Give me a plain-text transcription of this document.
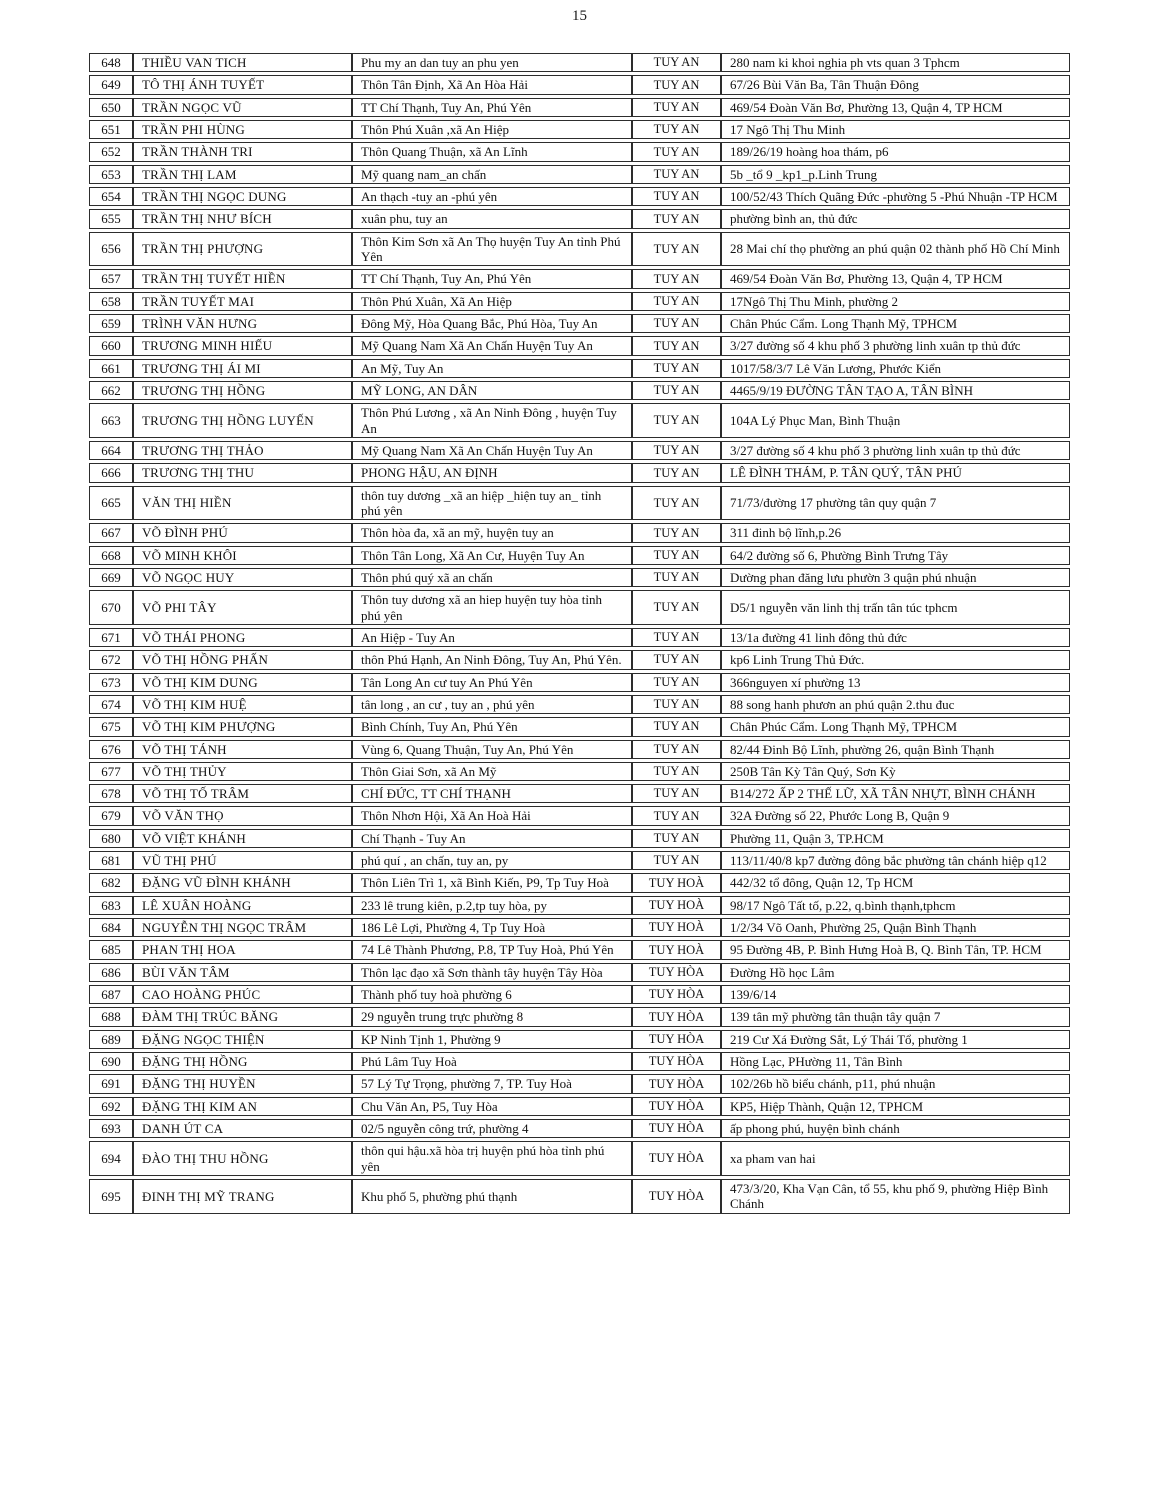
15
648	THIỀU VAN TICH	Phu my an dan tuy an phu yen	TUY AN	280 nam ki khoi nghia ph vts quan 3 Tphcm
649	TÔ THỊ ÁNH TUYẾT	Thôn Tân Định, Xã An Hòa Hải	TUY AN	67/26 Bùi Văn Ba, Tân Thuận Đông
650	TRẦN NGỌC VŨ	TT Chí Thạnh, Tuy An, Phú Yên	TUY AN	469/54 Đoàn Văn Bơ, Phường 13, Quận 4, TP HCM
651	TRẦN PHI HÙNG	Thôn Phú Xuân ,xã An Hiệp	TUY AN	17 Ngô Thị Thu Minh
652	TRẦN THÀNH TRI	Thôn Quang Thuận, xã An Lĩnh	TUY AN	189/26/19 hoàng hoa thám, p6
653	TRẦN THỊ LAM	Mỹ quang nam_an chấn	TUY AN	5b _tổ 9 _kp1_p.Linh Trung
654	TRẦN THỊ NGỌC DUNG	An thạch -tuy an -phú yên	TUY AN	100/52/43 Thích Quãng Đức -phường 5 -Phú Nhuận -TP HCM
655	TRẦN THỊ NHƯ BÍCH	xuân phu, tuy an	TUY AN	phường bình an, thủ đức
656	TRẦN THỊ PHƯỢNG	Thôn Kim Sơn xã An Thọ huyện Tuy An tỉnh Phú Yên	TUY AN	28 Mai chí thọ phường an phú quận 02 thành phố Hồ Chí Minh
657	TRẦN THỊ TUYẾT HIỀN	TT Chí Thạnh, Tuy An, Phú Yên	TUY AN	469/54 Đoàn Văn Bơ, Phường 13, Quận 4, TP HCM
658	TRẦN TUYẾT MAI	Thôn Phú Xuân, Xã An Hiệp	TUY AN	17Ngô Thị Thu Minh, phường 2
659	TRÌNH VĂN HƯNG	Đông Mỹ, Hòa Quang Bắc, Phú Hòa, Tuy An	TUY AN	Chân Phúc Cẩm. Long Thạnh Mỹ, TPHCM
660	TRƯƠNG MINH HIẾU	Mỹ Quang Nam Xã An Chấn Huyện Tuy An	TUY AN	3/27 đường số 4 khu phố 3 phường linh xuân tp thủ đức
661	TRƯƠNG THỊ ÁI MI	An Mỹ, Tuy An	TUY AN	1017/58/3/7 Lê Văn Lương, Phước Kiển
662	TRƯƠNG THỊ HỒNG	MỸ LONG, AN DÂN	TUY AN	4465/9/19 ĐƯỜNG TÂN TẠO A, TÂN BÌNH
663	TRƯƠNG THỊ HỒNG LUYẾN	Thôn Phú Lương , xã An Ninh Đông , huyện Tuy An	TUY AN	104A Lý Phục Man, Bình Thuận
664	TRƯƠNG THỊ THẢO	Mỹ Quang Nam Xã An Chấn Huyện Tuy An	TUY AN	3/27 đường số 4 khu phố 3 phường linh xuân tp thủ đức
666	TRƯƠNG THỊ THU	PHONG HẬU, AN ĐỊNH	TUY AN	LÊ ĐÌNH THÁM, P. TÂN QUÝ, TÂN PHÚ
665	VĂN THỊ HIỀN	thôn tuy dương _xã an hiệp _hiện tuy an_ tỉnh phú yên	TUY AN	71/73/đường 17 phường tân quy quận 7
667	VÕ ĐÌNH PHÚ	Thôn hòa đa, xã an mỹ, huyện tuy an	TUY AN	311 đinh bộ lĩnh,p.26
668	VÕ MINH KHÔI	Thôn Tân Long, Xã An Cư, Huyện Tuy An	TUY AN	64/2 đường số 6, Phường Bình Trưng Tây
669	VÕ NGỌC HUY	Thôn phú quý xã an chấn	TUY AN	Dường phan đăng lưu phườn 3 quận phú nhuận
670	VÕ PHI TÂY	Thôn tuy dương xã an hiep huyện tuy hòa tỉnh phú yên	TUY AN	D5/1 nguyễn văn linh thị trấn tân túc tphcm
671	VÕ THÁI PHONG	An Hiệp - Tuy An	TUY AN	13/1a đường 41 linh đông thủ đức
672	VÕ THỊ HỒNG PHẤN	thôn Phú Hạnh, An Ninh Đông, Tuy An, Phú Yên.	TUY AN	kp6 Linh Trung Thủ Đức.
673	VÕ THỊ KIM DUNG	Tân Long An cư tuy An Phú Yên	TUY AN	366nguyen xí phường 13
674	VÕ THỊ KIM HUỆ	tân long , an cư , tuy an , phú yên	TUY AN	88 song hanh phươn an phú quận 2.thu đuc
675	VÕ THỊ KIM PHƯỢNG	Bình Chính, Tuy An, Phú Yên	TUY AN	Chân Phúc Cẩm. Long Thạnh Mỹ, TPHCM
676	VÕ THỊ TÁNH	Vùng 6, Quang Thuận, Tuy An, Phú Yên	TUY AN	82/44 Đinh Bộ Lĩnh, phường 26, quận Bình Thạnh
677	VÕ THỊ THỦY	Thôn Giai Sơn, xã An Mỹ	TUY AN	250B Tân Kỳ Tân Quý, Sơn Kỳ
678	VÕ THỊ TỐ TRÂM	CHÍ ĐỨC, TT CHÍ THẠNH	TUY AN	B14/272 ẤP 2 THẾ LỮ, XÃ TÂN NHỰT, BÌNH CHÁNH
679	VÕ VĂN THỌ	Thôn Nhơn Hội, Xã An Hoà Hải	TUY AN	32A Đường số 22, Phước Long B, Quận 9
680	VÕ VIỆT KHÁNH	Chí Thạnh - Tuy An	TUY AN	Phường 11, Quận 3, TP.HCM
681	VŨ THỊ PHÚ	phú quí , an chấn, tuy an, py	TUY AN	113/11/40/8 kp7 đường đông bắc phường tân chánh hiệp q12
682	ĐẶNG VŨ ĐÌNH KHÁNH	Thôn Liên Trì 1, xã Bình Kiến, P9, Tp Tuy Hoà	TUY HOÀ	442/32 tổ đông, Quận 12, Tp HCM
683	LÊ XUÂN HOÀNG	233 lê trung kiên, p.2,tp tuy hòa, py	TUY HOÀ	98/17 Ngô Tất tố, p.22, q.bình thạnh,tphcm
684	NGUYỄN THỊ NGỌC TRÂM	186 Lê Lợi, Phường 4, Tp Tuy Hoà	TUY HOÀ	1/2/34 Võ Oanh, Phường 25, Quận Bình Thạnh
685	PHAN THỊ HOA	74 Lê Thành Phương, P.8, TP Tuy Hoà, Phú Yên	TUY HOÀ	95 Đường 4B, P. Bình Hưng Hoà B, Q. Bình Tân, TP. HCM
686	BÙI VĂN TÂM	Thôn lạc đạo xã Sơn thành tây huyện Tây Hòa	TUY HÒA	Đường Hồ học Lâm
687	CAO HOÀNG PHÚC	Thành phố tuy hoà phường 6	TUY HÒA	139/6/14
688	ĐÀM THỊ TRÚC BĂNG	29 nguyễn trung trực phường 8	TUY HÒA	139 tân mỹ phường tân thuận tây quận 7
689	ĐẶNG NGỌC THIỆN	KP Ninh Tịnh 1, Phường 9	TUY HÒA	219 Cư Xá Đường Sắt, Lý Thái Tổ, phường 1
690	ĐẶNG THỊ HỒNG	Phú Lâm Tuy Hoà	TUY HÒA	Hồng Lạc, PHường 11, Tân Bình
691	ĐẶNG THỊ HUYỀN	57 Lý Tự Trọng, phường 7, TP. Tuy Hoà	TUY HÒA	102/26b hồ biểu chánh, p11, phú nhuận
692	ĐẶNG THỊ KIM AN	Chu Văn An, P5, Tuy Hòa	TUY HÒA	KP5, Hiệp Thành, Quận 12, TPHCM
693	DANH ÚT CA	02/5 nguyễn công trứ, phường 4	TUY HÒA	ấp phong phú, huyện bình chánh
694	ĐÀO THỊ THU HỒNG	thôn qui hậu.xã hòa trị huyện phú hòa tỉnh phú yên	TUY HÒA	xa pham van hai
695	ĐINH THỊ MỸ TRANG	Khu phố 5, phường phú thạnh	TUY HÒA	473/3/20, Kha Vạn Cân, tổ 55, khu phố 9, phường Hiệp Bình Chánh
